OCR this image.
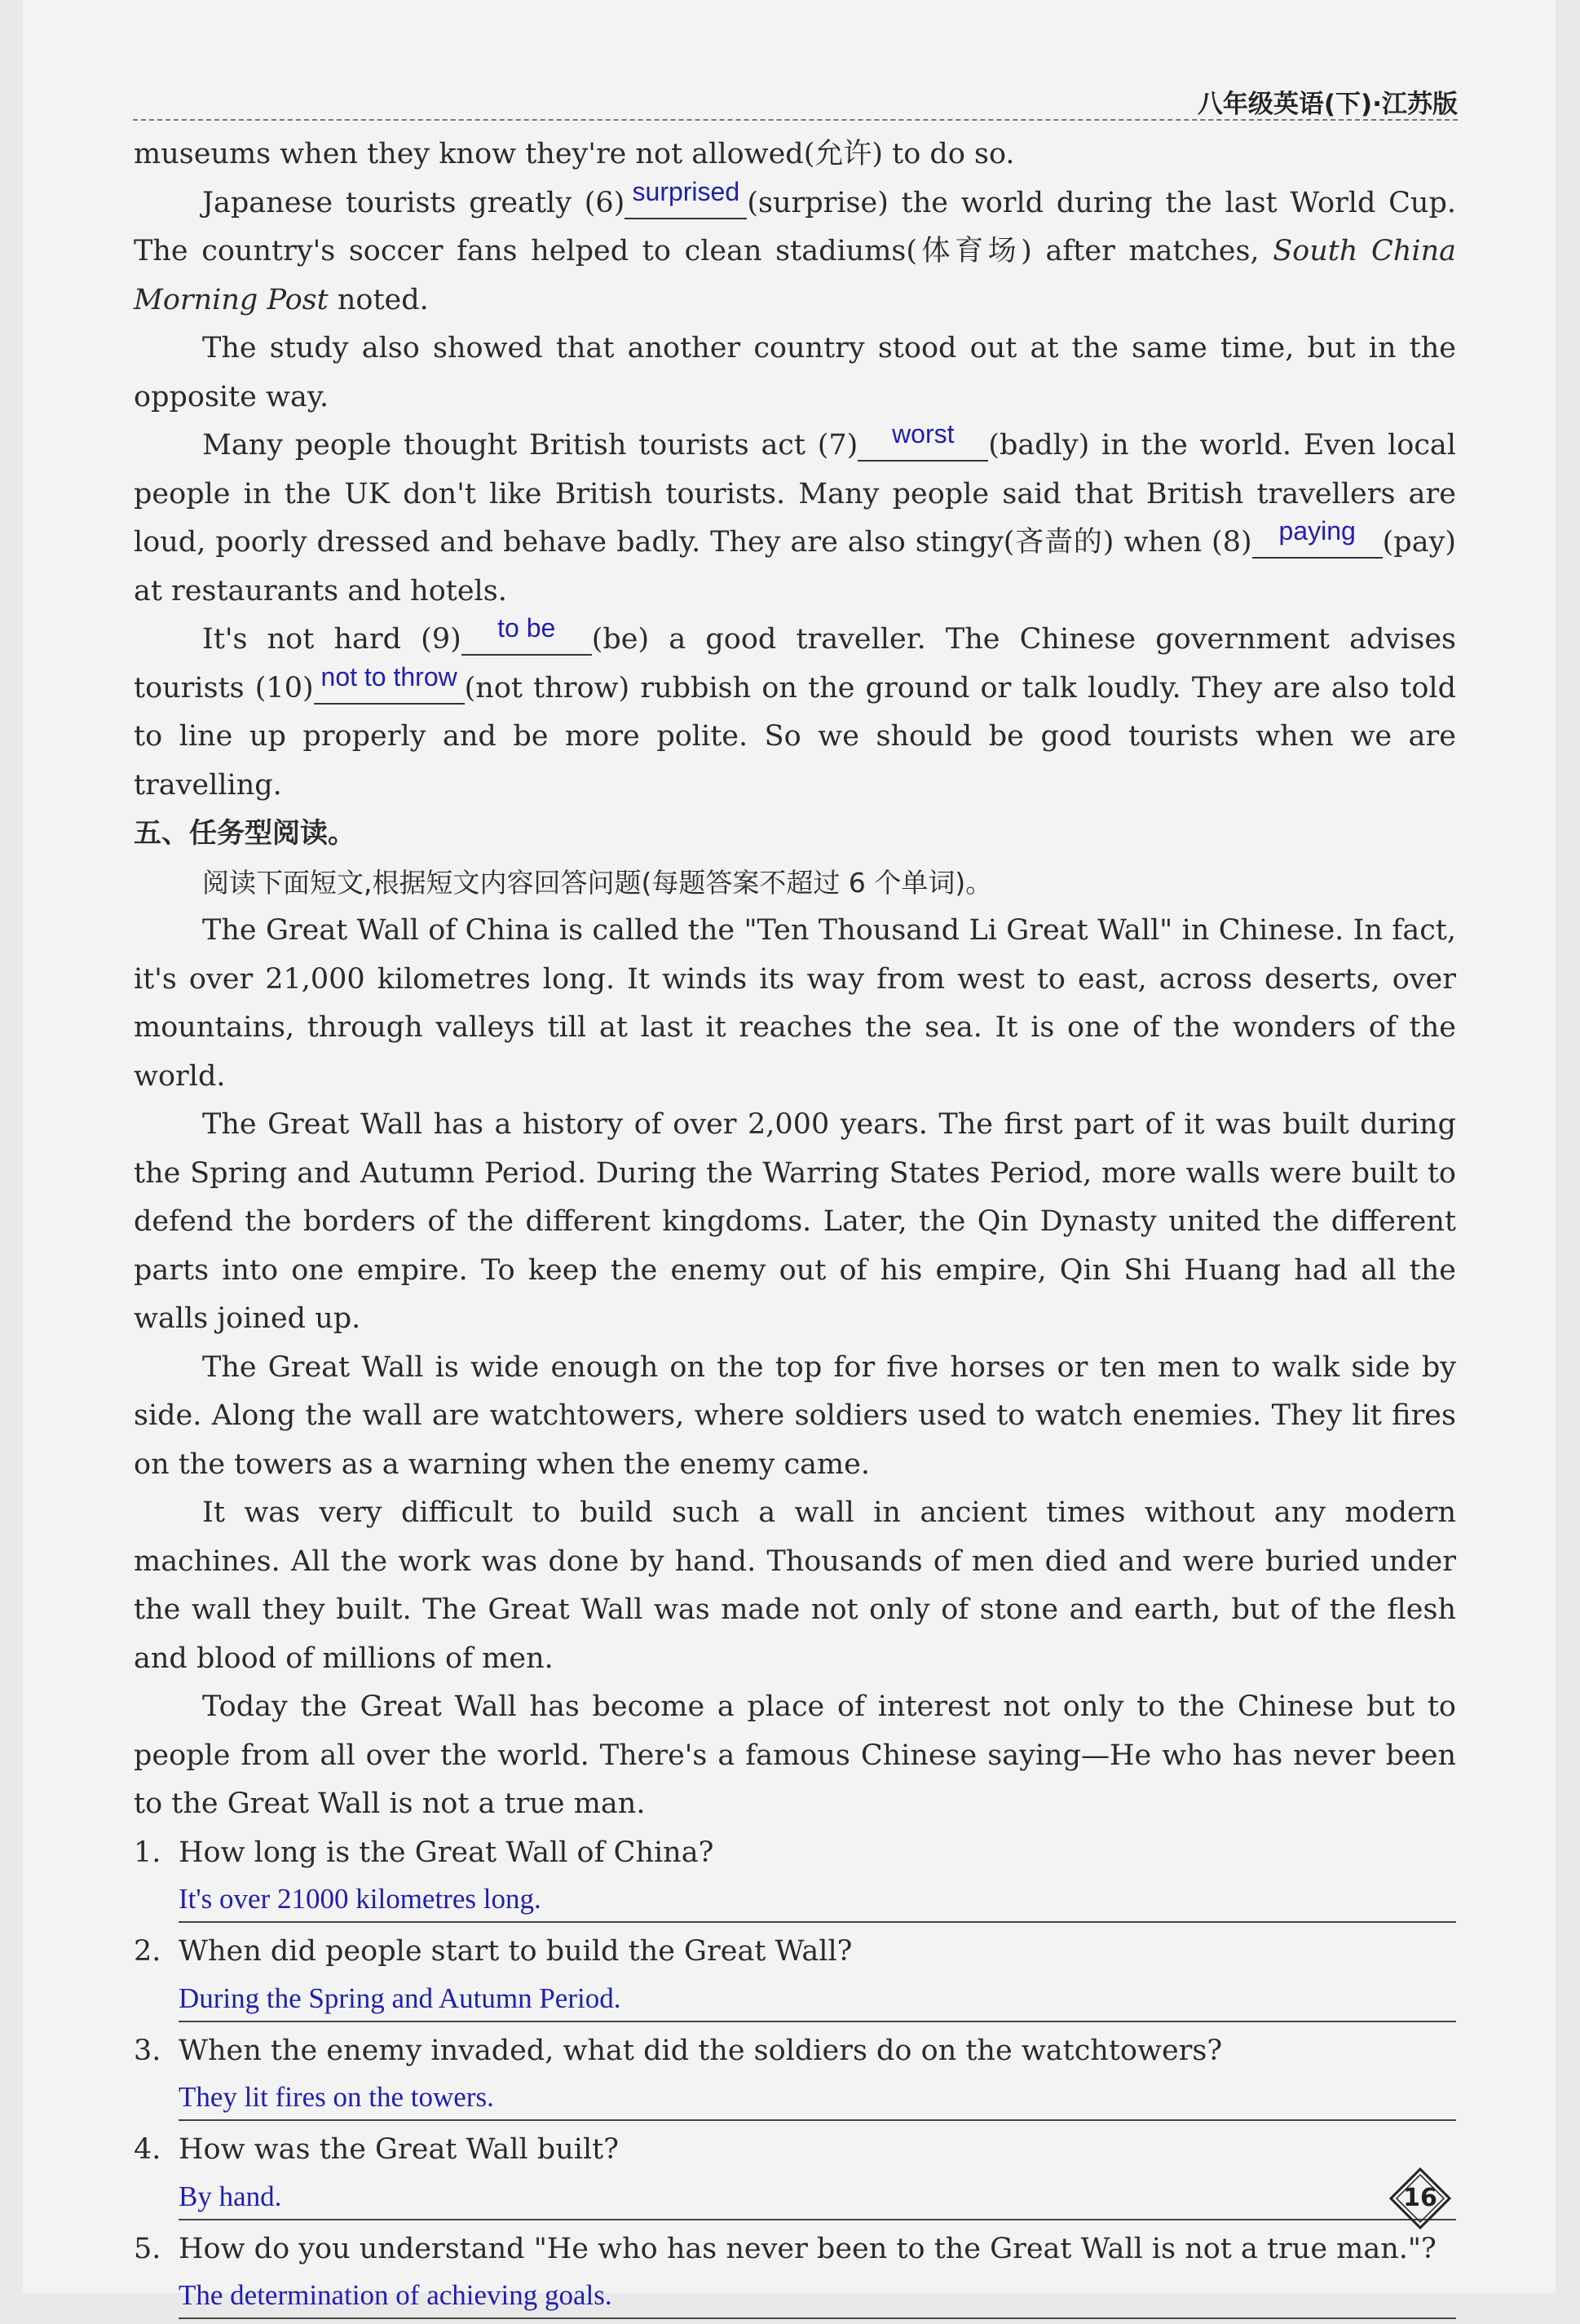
八年级英语(下)·江苏版

museums when they know they're not allowed(允许) to do so.

Japanese tourists greatly (6) surprised (surprise) the world during the last World Cup. The country's soccer fans helped to clean stadiums(体育场) after matches, South China Morning Post noted.

The study also showed that another country stood out at the same time, but in the opposite way.

Many people thought British tourists act (7) worst (badly) in the world. Even local people in the UK don't like British tourists. Many people said that British travellers are loud, poorly dressed and behave badly. They are also stingy(吝啬的) when (8) paying (pay) at restaurants and hotels.

It's not hard (9) to be (be) a good traveller. The Chinese government advises tourists (10) not to throw (not throw) rubbish on the ground or talk loudly. They are also told to line up properly and be more polite. So we should be good tourists when we are travelling.

五、任务型阅读。

阅读下面短文,根据短文内容回答问题(每题答案不超过 6 个单词)。

The Great Wall of China is called the "Ten Thousand Li Great Wall" in Chinese. In fact, it's over 21,000 kilometres long. It winds its way from west to east, across deserts, over mountains, through valleys till at last it reaches the sea. It is one of the wonders of the world.

The Great Wall has a history of over 2,000 years. The first part of it was built during the Spring and Autumn Period. During the Warring States Period, more walls were built to defend the borders of the different kingdoms. Later, the Qin Dynasty united the different parts into one empire. To keep the enemy out of his empire, Qin Shi Huang had all the walls joined up.

The Great Wall is wide enough on the top for five horses or ten men to walk side by side. Along the wall are watchtowers, where soldiers used to watch enemies. They lit fires on the towers as a warning when the enemy came.

It was very difficult to build such a wall in ancient times without any modern machines. All the work was done by hand. Thousands of men died and were buried under the wall they built. The Great Wall was made not only of stone and earth, but of the flesh and blood of millions of men.

Today the Great Wall has become a place of interest not only to the Chinese but to people from all over the world. There's a famous Chinese saying—He who has never been to the Great Wall is not a true man.

1. How long is the Great Wall of China?

It's over 21000 kilometres long.

2. When did people start to build the Great Wall?

During the Spring and Autumn Period.

3. When the enemy invaded, what did the soldiers do on the watchtowers?

They lit fires on the towers.

4. How was the Great Wall built?

By hand.

5. How do you understand "He who has never been to the Great Wall is not a true man."?

The determination of achieving goals.
16
